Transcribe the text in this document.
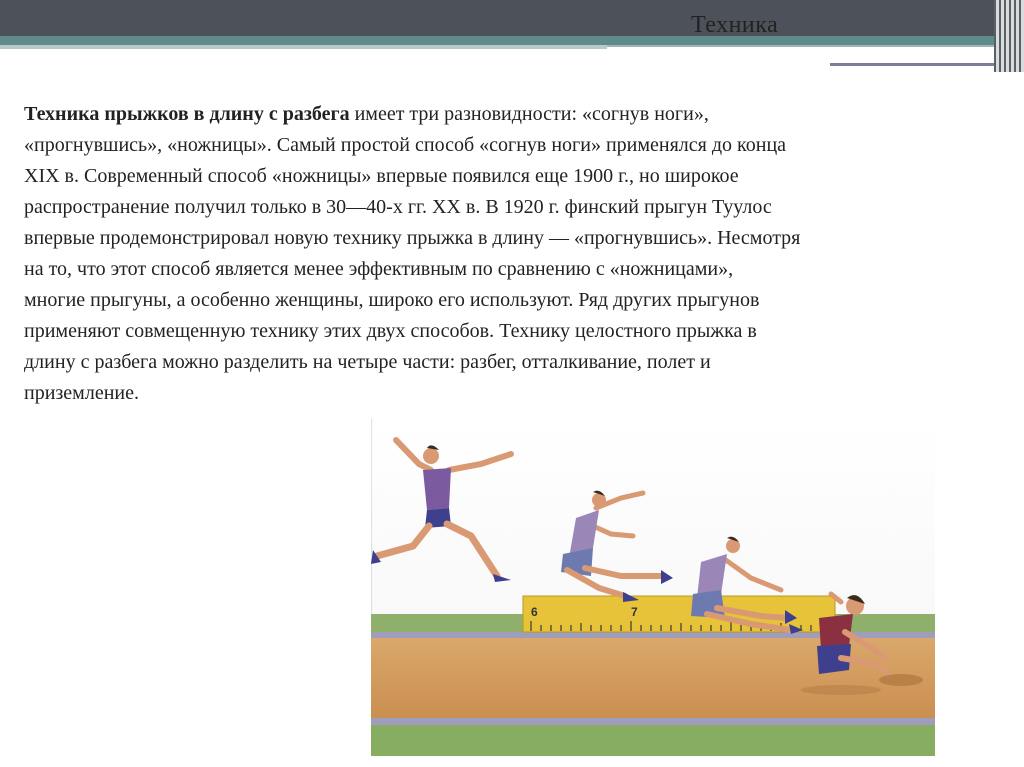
Техника
Техника прыжков в длину с разбега имеет три разновидности: «согнув ноги»,
«прогнувшись», «ножницы». Самый простой способ «согнув ноги» применялся до конца
XIX в. Современный способ «ножницы» впервые появился еще 1900 г., но широкое
распространение получил только в 30—40-х гг. XX в. В 1920 г. финский прыгун Туулос
впервые продемонстрировал новую технику прыжка в длину — «прогнувшись». Несмотря
на то, что этот способ является менее эффективным по сравнению с «ножницами»,
многие прыгуны, а особенно женщины, широко его используют. Ряд других прыгунов
применяют совмещенную технику этих двух способов. Технику целостного прыжка в
длину с разбега можно разделить на четыре части: разбег, отталкивание, полет и
приземление.
6	7
